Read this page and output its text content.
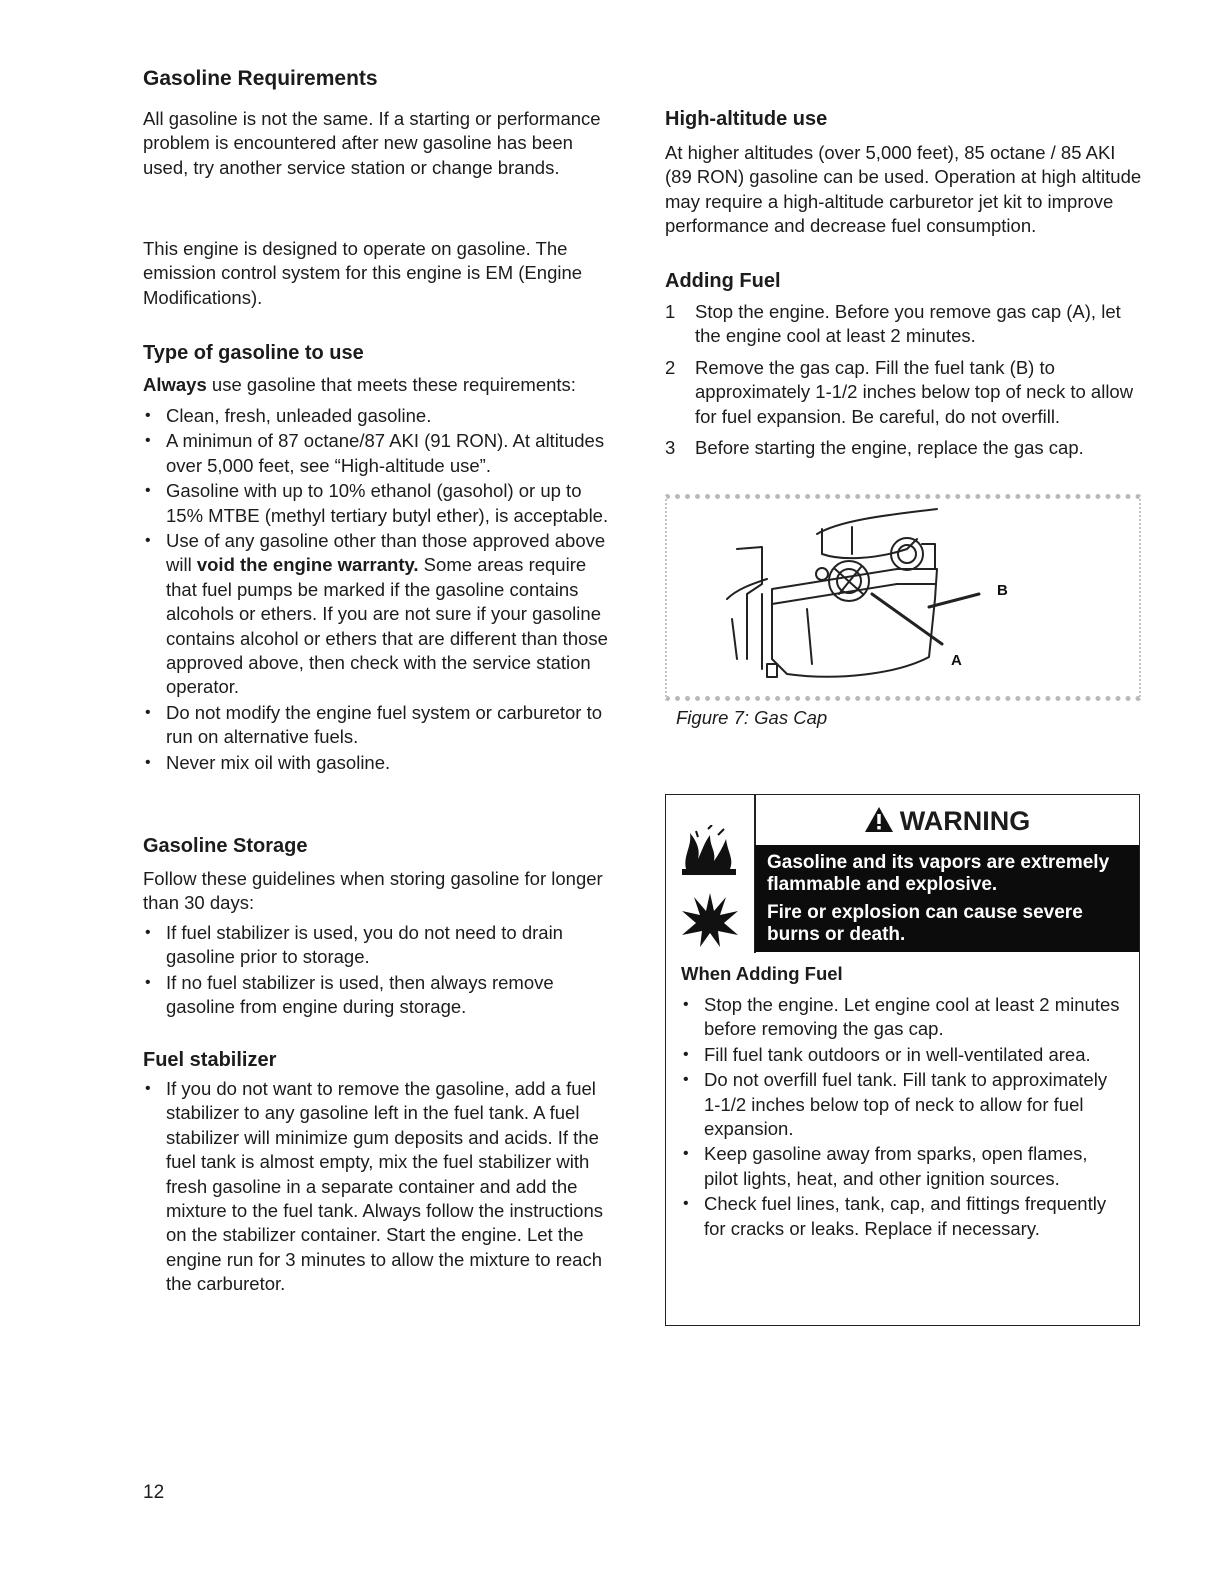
Gasoline Requirements

All gasoline is not the same. If a starting or performance problem is encountered after new gasoline has been used, try another service station or change brands.

This engine is designed to operate on gasoline. The emission control system for this engine is EM (Engine Modifications).

Type of gasoline to use

Always use gasoline that meets these requirements:

• Clean, fresh, unleaded gasoline.
• A minimun of 87 octane/87 AKI (91 RON). At altitudes over 5,000 feet, see “High-altitude use”.
• Gasoline with up to 10% ethanol (gasohol) or up to 15% MTBE (methyl tertiary butyl ether), is acceptable.
• Use of any gasoline other than those approved above will void the engine warranty. Some areas require that fuel pumps be marked if the gasoline contains alcohols or ethers. If you are not sure if your gasoline contains alcohol or ethers that are different than those approved above, then check with the service station operator.
• Do not modify the engine fuel system or carburetor to run on alternative fuels.
• Never mix oil with gasoline.
Gasoline Storage

Follow these guidelines when storing gasoline for longer than 30 days:

• If fuel stabilizer is used, you do not need to drain gasoline prior to storage.
• If no fuel stabilizer is used, then always remove gasoline from engine during storage.
Fuel stabilizer
• If you do not want to remove the gasoline, add a fuel stabilizer to any gasoline left in the fuel tank. A fuel stabilizer will minimize gum deposits and acids. If the fuel tank is almost empty, mix the fuel stabilizer with fresh gasoline in a separate container and add the mixture to the fuel tank. Always follow the instructions on the stabilizer container. Start the engine. Let the engine run for 3 minutes to allow the mixture to reach the carburetor.
12
High-altitude use

At higher altitudes (over 5,000 feet), 85 octane / 85 AKI (89 RON) gasoline can be used. Operation at high altitude may require a high-altitude carburetor jet kit to improve performance and decrease fuel consumption.

Adding Fuel
1 Stop the engine. Before you remove gas cap (A), let the engine cool at least 2 minutes.
2 Remove the gas cap. Fill the fuel tank (B) to approximately 1-1/2 inches below top of neck to allow for fuel expansion. Be careful, do not overfill.
3 Before starting the engine, replace the gas cap.
B
A
Figure 7: Gas Cap
WARNING

Gasoline and its vapors are extremely flammable and explosive.

Fire or explosion can cause severe burns or death.

When Adding Fuel
• Stop the engine. Let engine cool at least 2 minutes before removing the gas cap.
• Fill fuel tank outdoors or in well-ventilated area.
• Do not overfill fuel tank. Fill tank to approximately 1-1/2 inches below top of neck to allow for fuel expansion.
• Keep gasoline away from sparks, open flames, pilot lights, heat, and other ignition sources.
• Check fuel lines, tank, cap, and fittings frequently for cracks or leaks. Replace if necessary.
